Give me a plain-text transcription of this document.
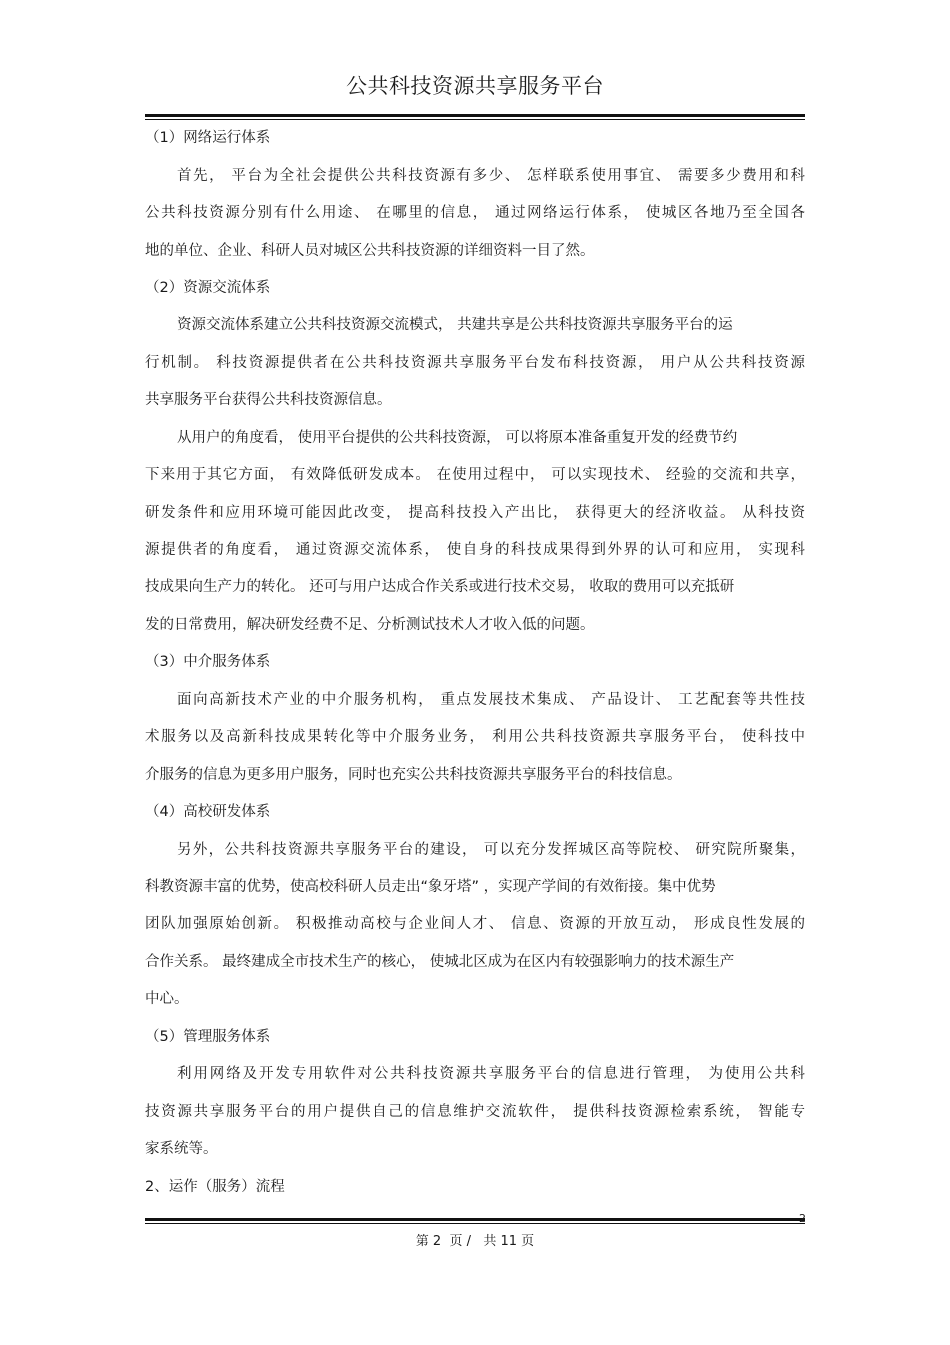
公共科技资源共享服务平台
（1）网络运行体系
首先， 平台为全社会提供公共科技资源有多少、 怎样联系使用事宜、 需要多少费用和科
公共科技资源分别有什么用途、 在哪里的信息， 通过网络运行体系， 使城区各地乃至全国各
地的单位、企业、科研人员对城区公共科技资源的详细资料一目了然。
（2）资源交流体系
资源交流体系建立公共科技资源交流模式， 共建共享是公共科技资源共享服务平台的运
行机制。 科技资源提供者在公共科技资源共享服务平台发布科技资源， 用户从公共科技资源
共享服务平台获得公共科技资源信息。
从用户的角度看， 使用平台提供的公共科技资源， 可以将原本准备重复开发的经费节约
下来用于其它方面， 有效降低研发成本。 在使用过程中， 可以实现技术、 经验的交流和共享，
研发条件和应用环境可能因此改变， 提高科技投入产出比， 获得更大的经济收益。 从科技资
源提供者的角度看， 通过资源交流体系， 使自身的科技成果得到外界的认可和应用， 实现科
技成果向生产力的转化。 还可与用户达成合作关系或进行技术交易， 收取的费用可以充抵研
发的日常费用，解决研发经费不足、分析测试技术人才收入低的问题。
（3）中介服务体系
面向高新技术产业的中介服务机构， 重点发展技术集成、 产品设计、 工艺配套等共性技
术服务以及高新科技成果转化等中介服务业务， 利用公共科技资源共享服务平台， 使科技中
介服务的信息为更多用户服务，同时也充实公共科技资源共享服务平台的科技信息。
（4）高校研发体系
另外，公共科技资源共享服务平台的建设， 可以充分发挥城区高等院校、 研究院所聚集，
科教资源丰富的优势，使高校科研人员走出“象牙塔” ，实现产学间的有效衔接。集中优势
团队加强原始创新。 积极推动高校与企业间人才、 信息、资源的开放互动， 形成良性发展的
合作关系。 最终建成全市技术生产的核心， 使城北区成为在区内有较强影响力的技术源生产
中心。
（5）管理服务体系
利用网络及开发专用软件对公共科技资源共享服务平台的信息进行管理， 为使用公共科
技资源共享服务平台的用户提供自己的信息维护交流软件， 提供科技资源检索系统， 智能专
家系统等。
2、运作（服务）流程
2
第 2  页 /   共 11 页
